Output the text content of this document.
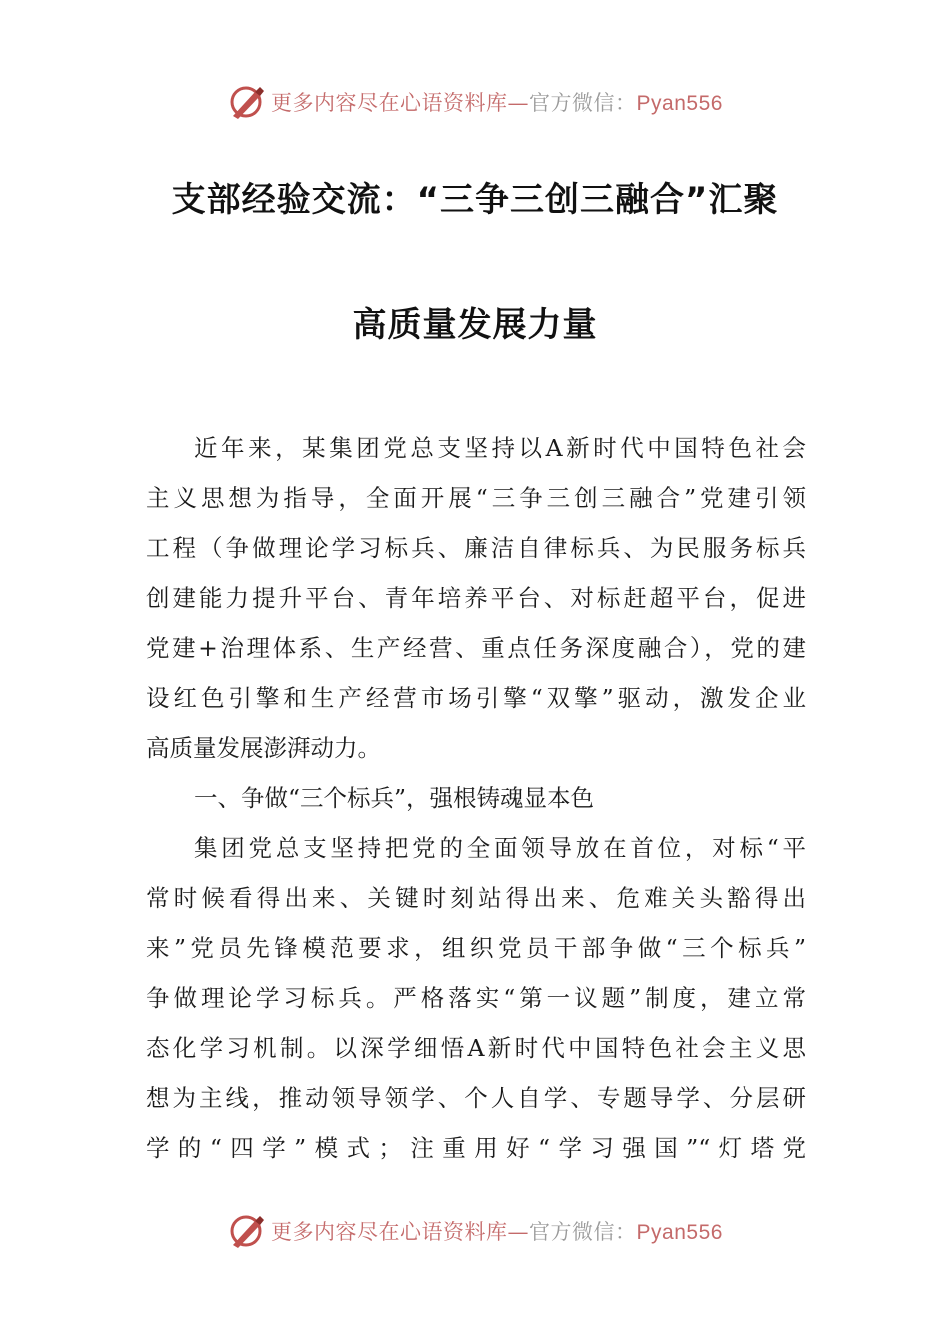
更多内容尽在心语资料库—官方微信：Pyan556
支部经验交流：“三争三创三融合”汇聚
高质量发展力量
近年来，某集团党总支坚持以A新时代中国特色社会
主义思想为指导，全面开展“三争三创三融合”党建引领
工程（争做理论学习标兵、廉洁自律标兵、为民服务标兵
创建能力提升平台、青年培养平台、对标赶超平台，促进
党建+治理体系、生产经营、重点任务深度融合），党的建
设红色引擎和生产经营市场引擎“双擎”驱动，激发企业
高质量发展澎湃动力。
一、争做“三个标兵”，强根铸魂显本色
集团党总支坚持把党的全面领导放在首位，对标“平
常时候看得出来、关键时刻站得出来、危难关头豁得出
来”党员先锋模范要求，组织党员干部争做“三个标兵”
争做理论学习标兵。严格落实“第一议题”制度，建立常
态化学习机制。以深学细悟A新时代中国特色社会主义思
想为主线，推动领导领学、个人自学、专题导学、分层研
学的“四学”模式；注重用好“学习强国”“灯塔党
更多内容尽在心语资料库—官方微信：Pyan556
